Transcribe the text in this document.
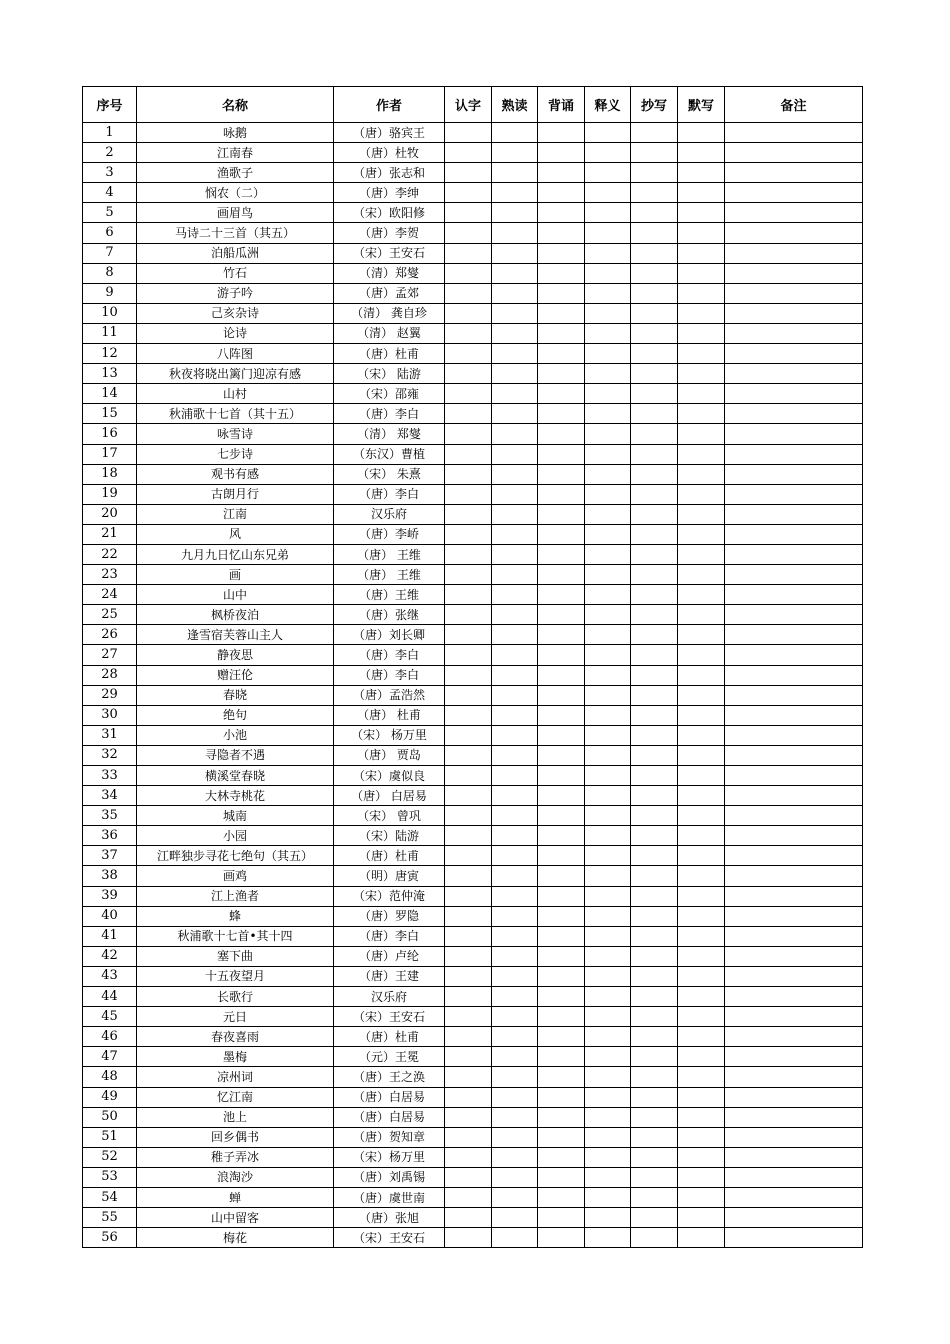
序号	名称	作者	认字	熟读	背诵	释义	抄写	默写	备注
1	咏鹅	（唐）骆宾王							
2	江南春	（唐）杜牧							
3	渔歌子	（唐）张志和							
4	悯农（二）	（唐）李绅							
5	画眉鸟	（宋）欧阳修							
6	马诗二十三首（其五）	（唐）李贺							
7	泊船瓜洲	（宋）王安石							
8	竹石	（清）郑燮							
9	游子吟	（唐）孟郊							
10	己亥杂诗	（清） 龚自珍							
11	论诗	（清） 赵翼							
12	八阵图	（唐）杜甫							
13	秋夜将晓出篱门迎凉有感	（宋） 陆游							
14	山村	（宋）邵雍							
15	秋浦歌十七首（其十五）	（唐）李白							
16	咏雪诗	（清） 郑燮							
17	七步诗	（东汉）曹植							
18	观书有感	（宋） 朱熹							
19	古朗月行	（唐）李白							
20	江南	汉乐府							
21	风	（唐）李峤							
22	九月九日忆山东兄弟	（唐） 王维							
23	画	（唐） 王维							
24	山中	（唐）王维							
25	枫桥夜泊	（唐）张继							
26	逢雪宿芙蓉山主人	（唐）刘长卿							
27	静夜思	（唐）李白							
28	赠汪伦	（唐）李白							
29	春晓	（唐）孟浩然							
30	绝句	（唐） 杜甫							
31	小池	（宋） 杨万里							
32	寻隐者不遇	（唐） 贾岛							
33	横溪堂春晓	（宋）虞似良							
34	大林寺桃花	（唐） 白居易							
35	城南	（宋） 曾巩							
36	小园	（宋）陆游							
37	江畔独步寻花七绝句（其五）	（唐）杜甫							
38	画鸡	（明）唐寅							
39	江上渔者	（宋）范仲淹							
40	蜂	（唐）罗隐							
41	秋浦歌十七首•其十四	（唐）李白							
42	塞下曲	（唐）卢纶							
43	十五夜望月	（唐）王建							
44	长歌行	汉乐府							
45	元日	（宋）王安石							
46	春夜喜雨	（唐）杜甫							
47	墨梅	（元）王冕							
48	凉州词	（唐）王之涣							
49	忆江南	（唐）白居易							
50	池上	（唐）白居易							
51	回乡偶书	（唐）贺知章							
52	稚子弄冰	（宋）杨万里							
53	浪淘沙	（唐）刘禹锡							
54	蝉	（唐）虞世南							
55	山中留客	（唐）张旭							
56	梅花	（宋）王安石							
